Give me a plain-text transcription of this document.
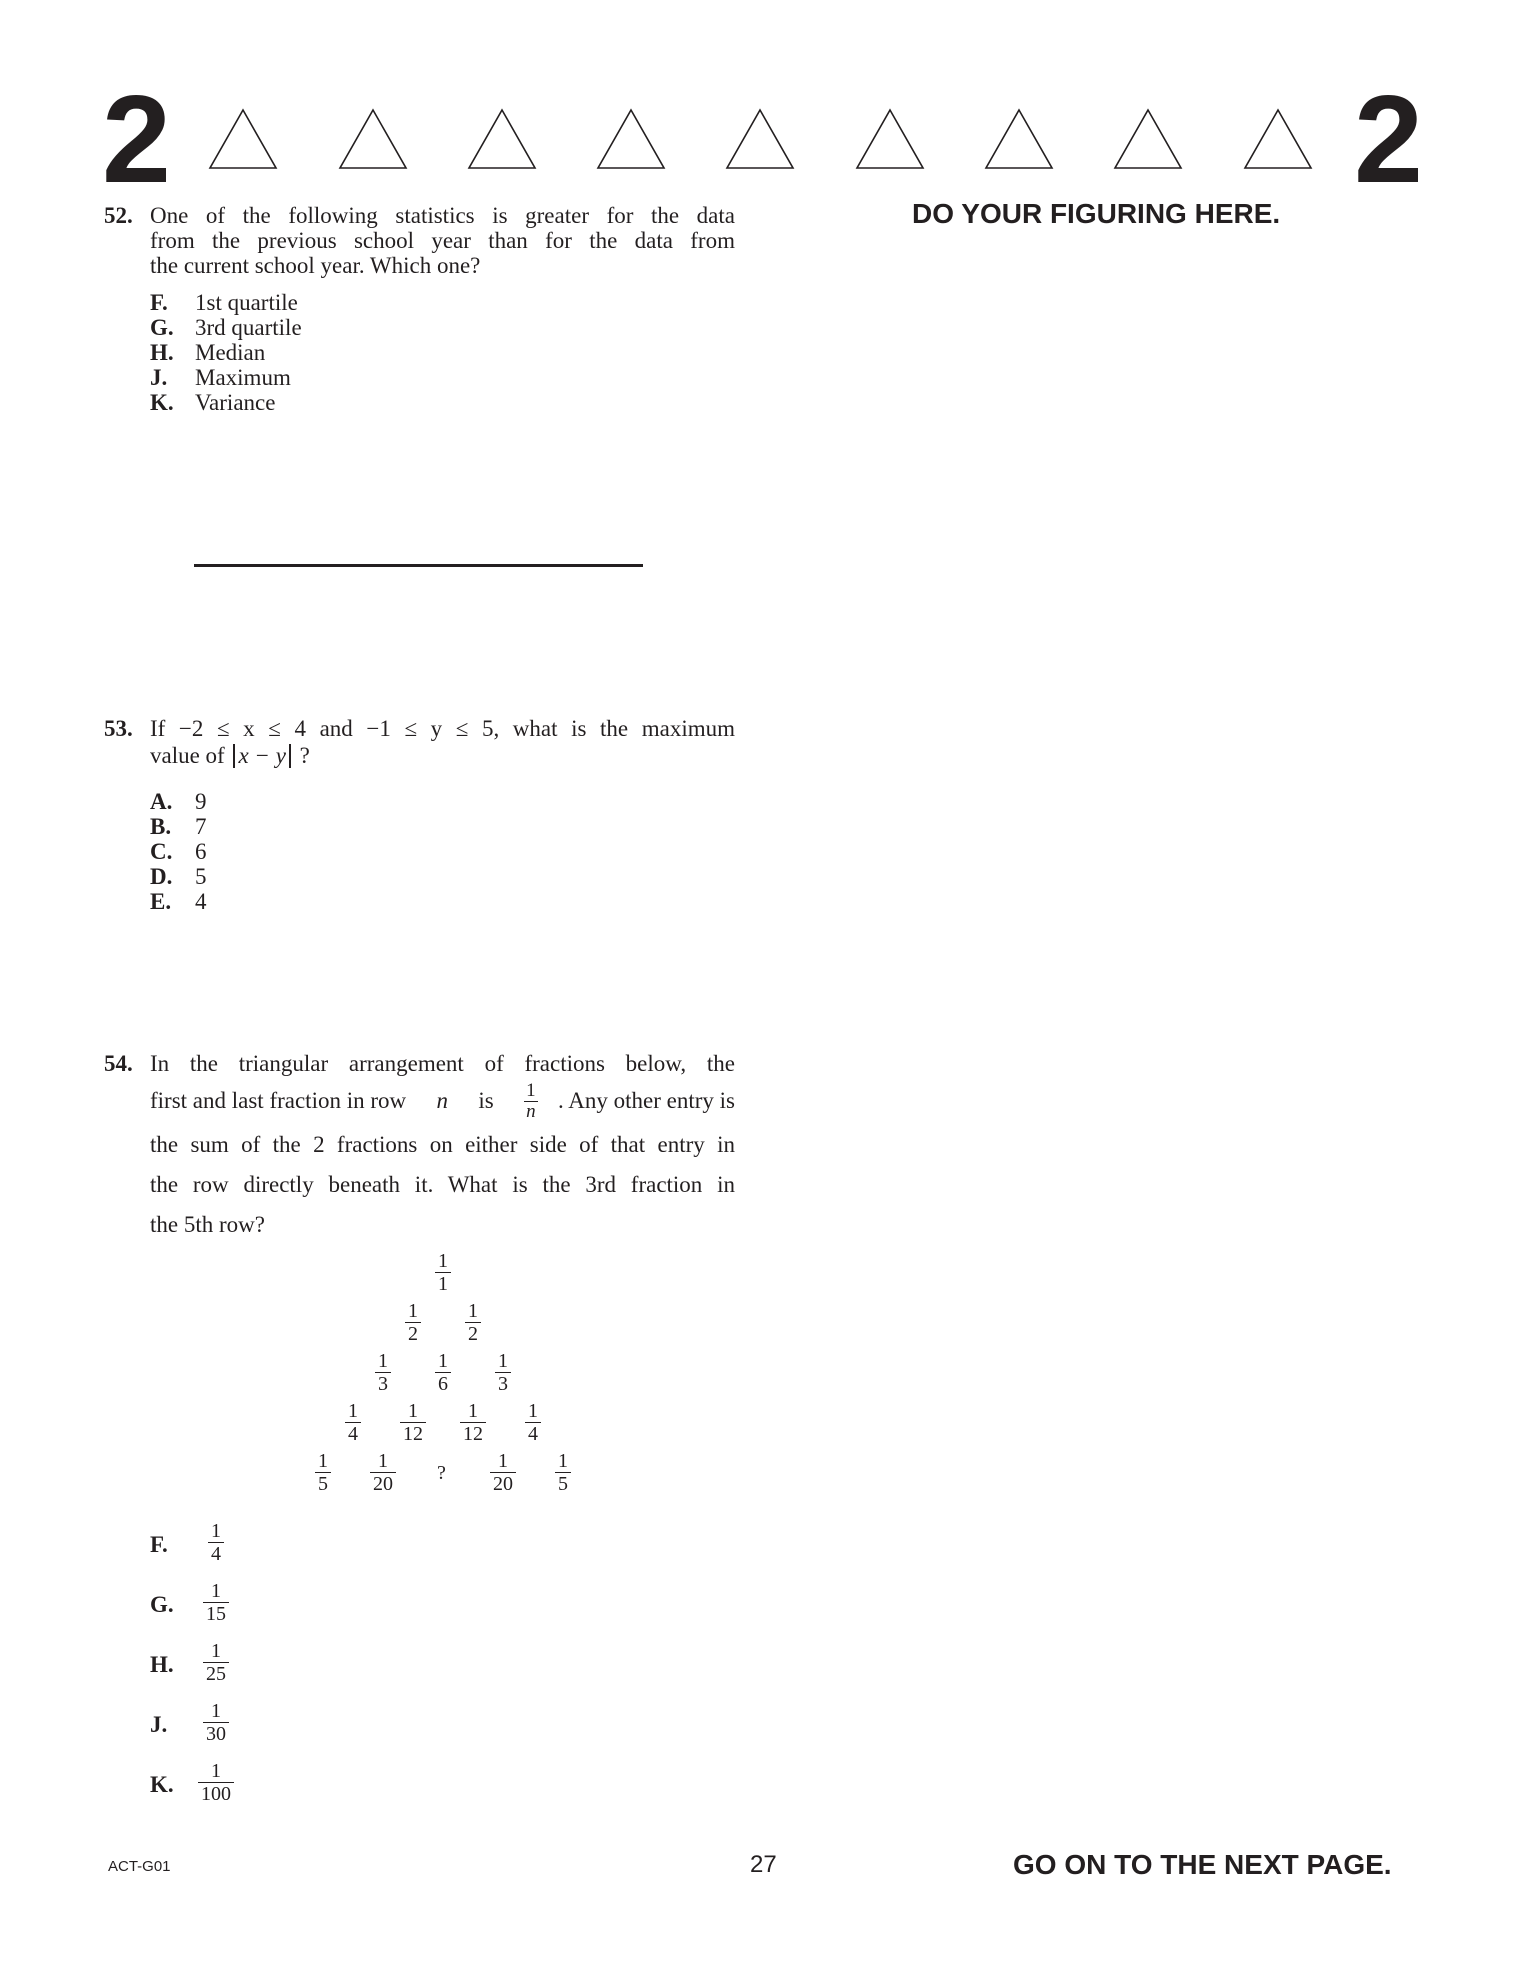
2	2
DO YOUR FIGURING HERE.
52. One of the following statistics is greater for the data
from the previous school year than for the data from
the current school year. Which one?
F. 1st quartile
G. 3rd quartile
H. Median
J. Maximum
K. Variance
53. If −2 ≤ x ≤ 4 and −1 ≤ y ≤ 5, what is the maximum
value of x − y ?
A. 9
B. 7
C. 6
D. 5
E. 4
54. In the triangular arrangement of fractions below, the
first and last fraction in row n is $\frac{1}{n}$ . Any other entry is
the sum of the 2 fractions on either side of that entry in
the row directly beneath it. What is the 3rd fraction in
the 5th row?
$\frac{1}{1}$
$\frac{1}{2} \frac{1}{2}$
$\frac{1}{3} \frac{1}{6} \frac{1}{3}$
$\frac{1}{4} \frac{1}{12} \frac{1}{12} \frac{1}{4}$
$\frac{1}{5} \frac{1}{20}$ ? $\frac{1}{20} \frac{1}{5}$
F. $\frac{1}{4}$
G. $\frac{1}{15}$
H. $\frac{1}{25}$
J. $\frac{1}{30}$
K. $\frac{1}{100}$
ACT-G01	27	GO ON TO THE NEXT PAGE.
